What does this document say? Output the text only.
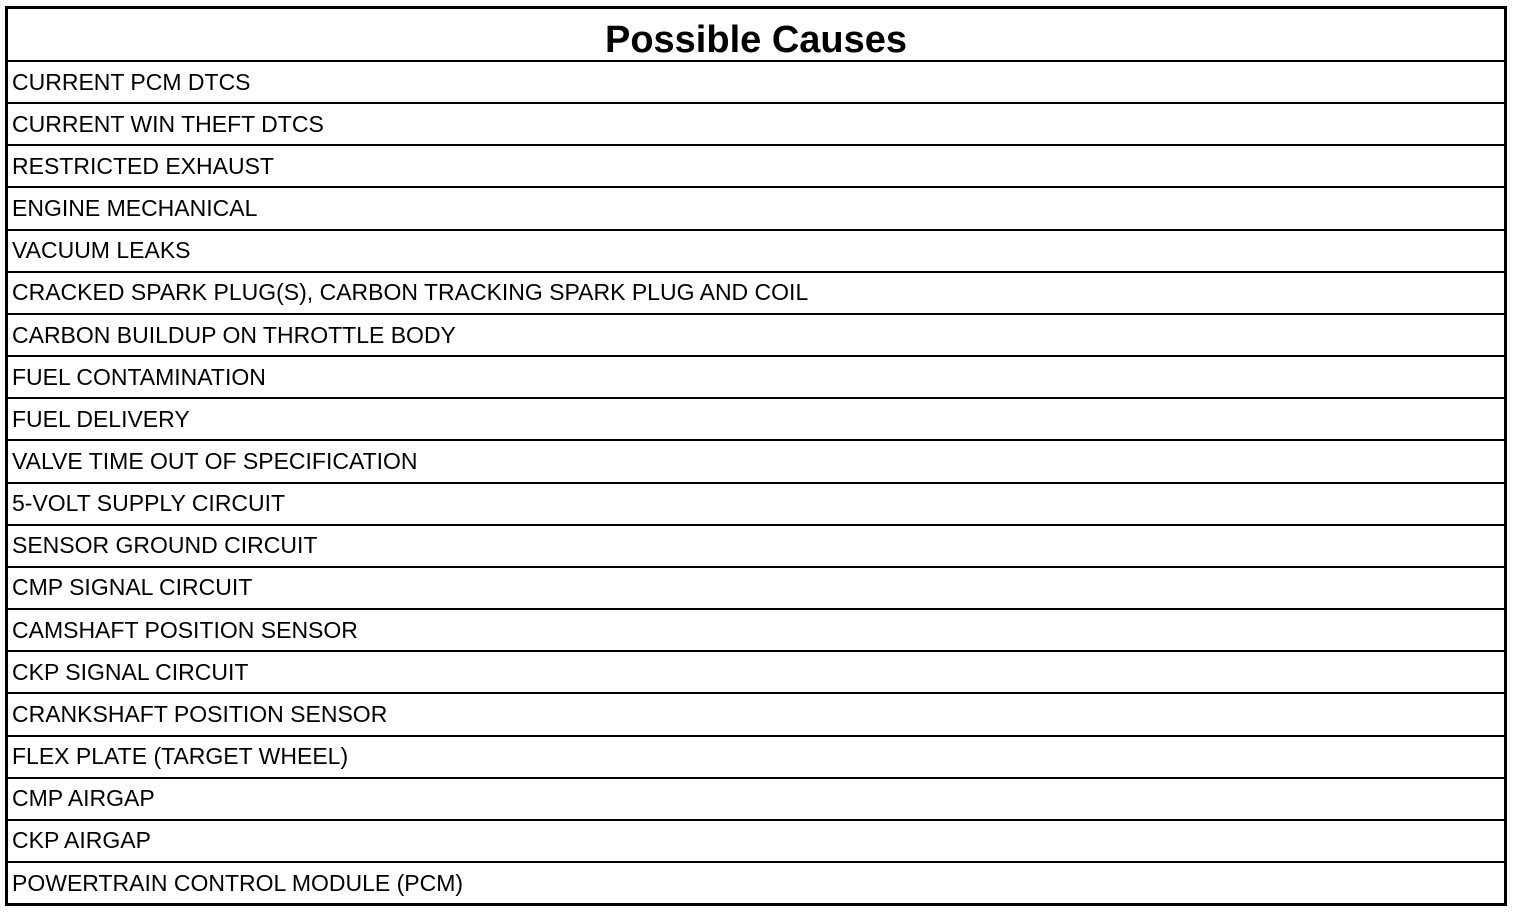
Possible Causes
CURRENT PCM DTCS
CURRENT WIN THEFT DTCS
RESTRICTED EXHAUST
ENGINE MECHANICAL
VACUUM LEAKS
CRACKED SPARK PLUG(S), CARBON TRACKING SPARK PLUG AND COIL
CARBON BUILDUP ON THROTTLE BODY
FUEL CONTAMINATION
FUEL DELIVERY
VALVE TIME OUT OF SPECIFICATION
5-VOLT SUPPLY CIRCUIT
SENSOR GROUND CIRCUIT
CMP SIGNAL CIRCUIT
CAMSHAFT POSITION SENSOR
CKP SIGNAL CIRCUIT
CRANKSHAFT POSITION SENSOR
FLEX PLATE (TARGET WHEEL)
CMP AIRGAP
CKP AIRGAP
POWERTRAIN CONTROL MODULE (PCM)
